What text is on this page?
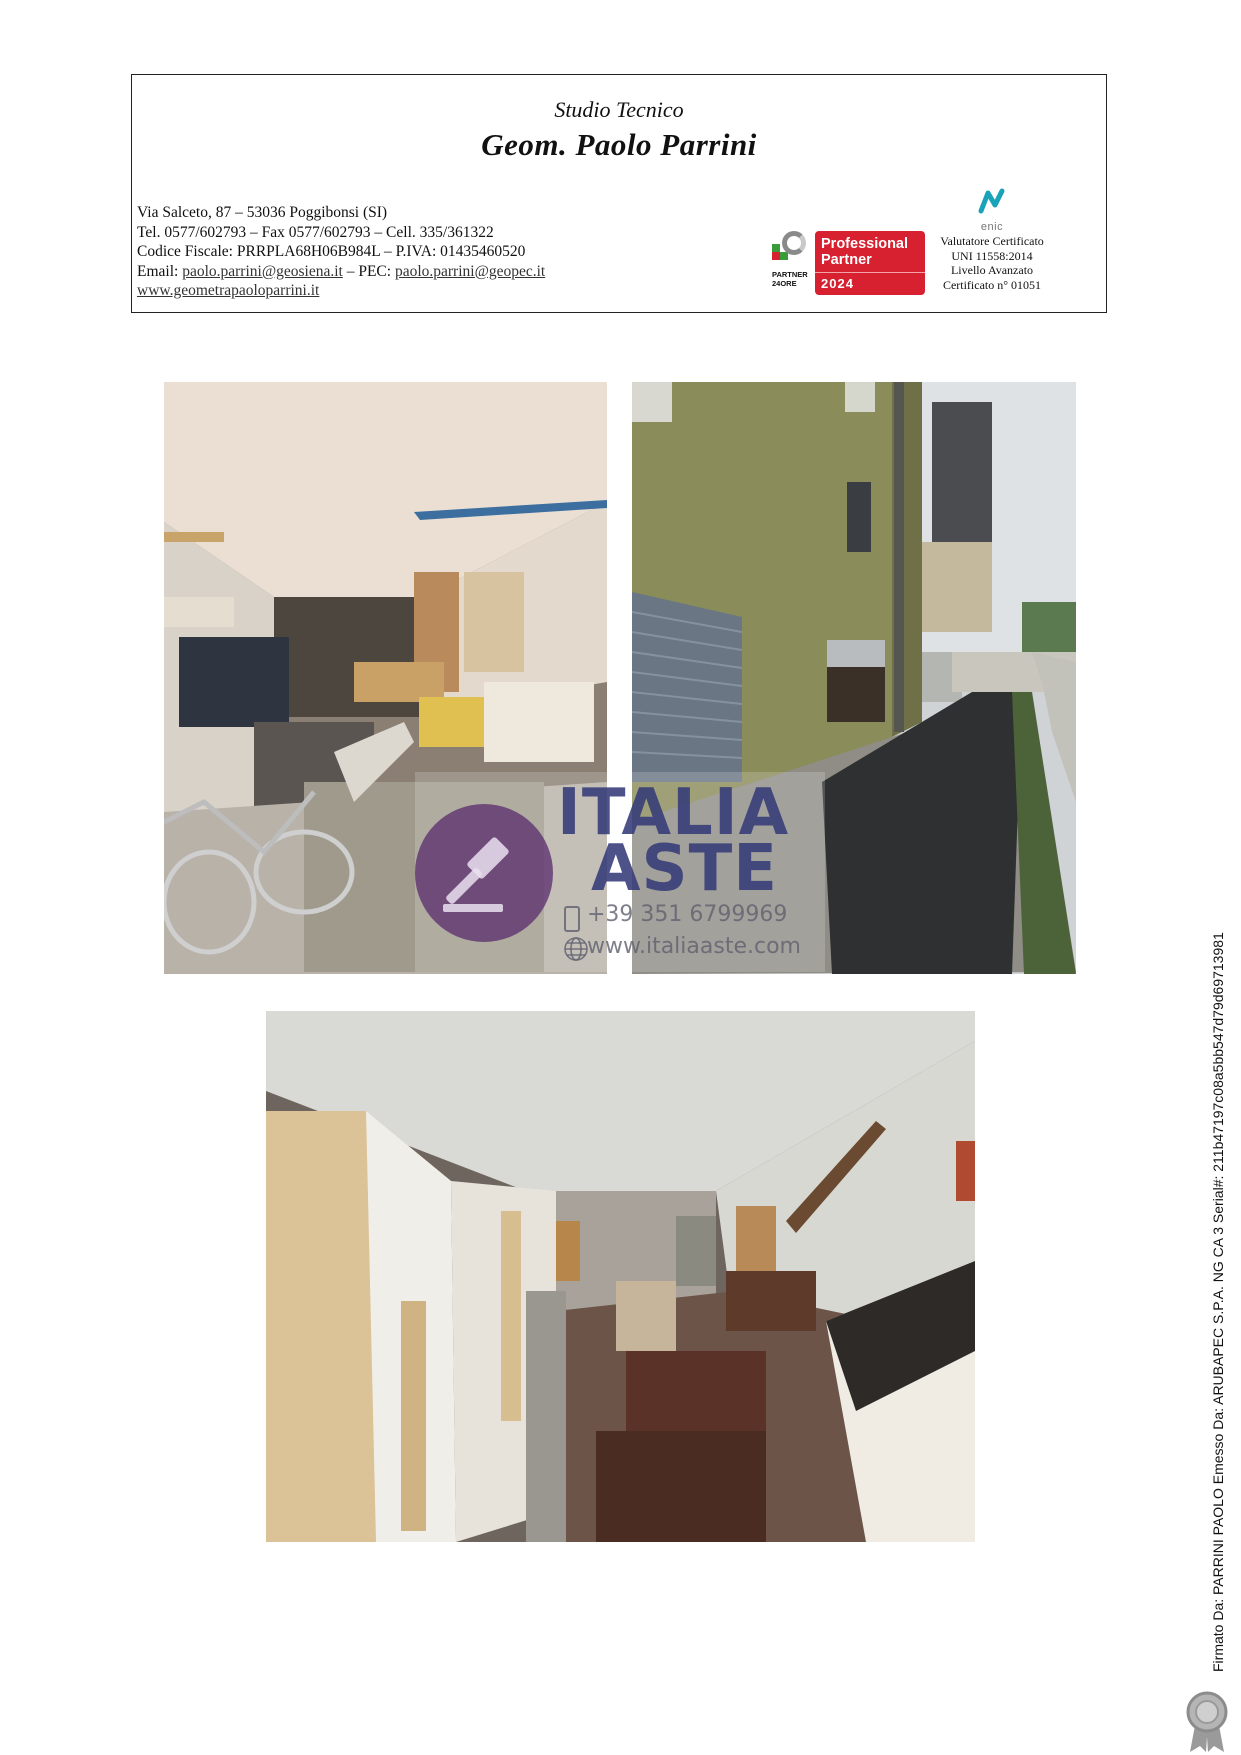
Studio Tecnico
Geom. Paolo Parrini
Via Salceto, 87 – 53036 Poggibonsi (SI)
Tel. 0577/602793 – Fax 0577/602793 – Cell. 335/361322
Codice Fiscale: PRRPLA68H06B984L – P.IVA: 01435460520
Email: paolo.parrini@geosiena.it – PEC: paolo.parrini@geopec.it
www.geometrapaoloparrini.it
PARTNER
24ORE
Professional
Partner
2024
enic
Valutatore Certificato
UNI 11558:2014
Livello Avanzato
Certificato n° 01051
ITALIA
ASTE
+39 351 6799969
www.italiaaste.com	Firmato Da: PARRINI PAOLO Emesso Da: ARUBAPEC S.P.A. NG CA 3 Serial#: 211b47197c08a5bb547d79d69713981
